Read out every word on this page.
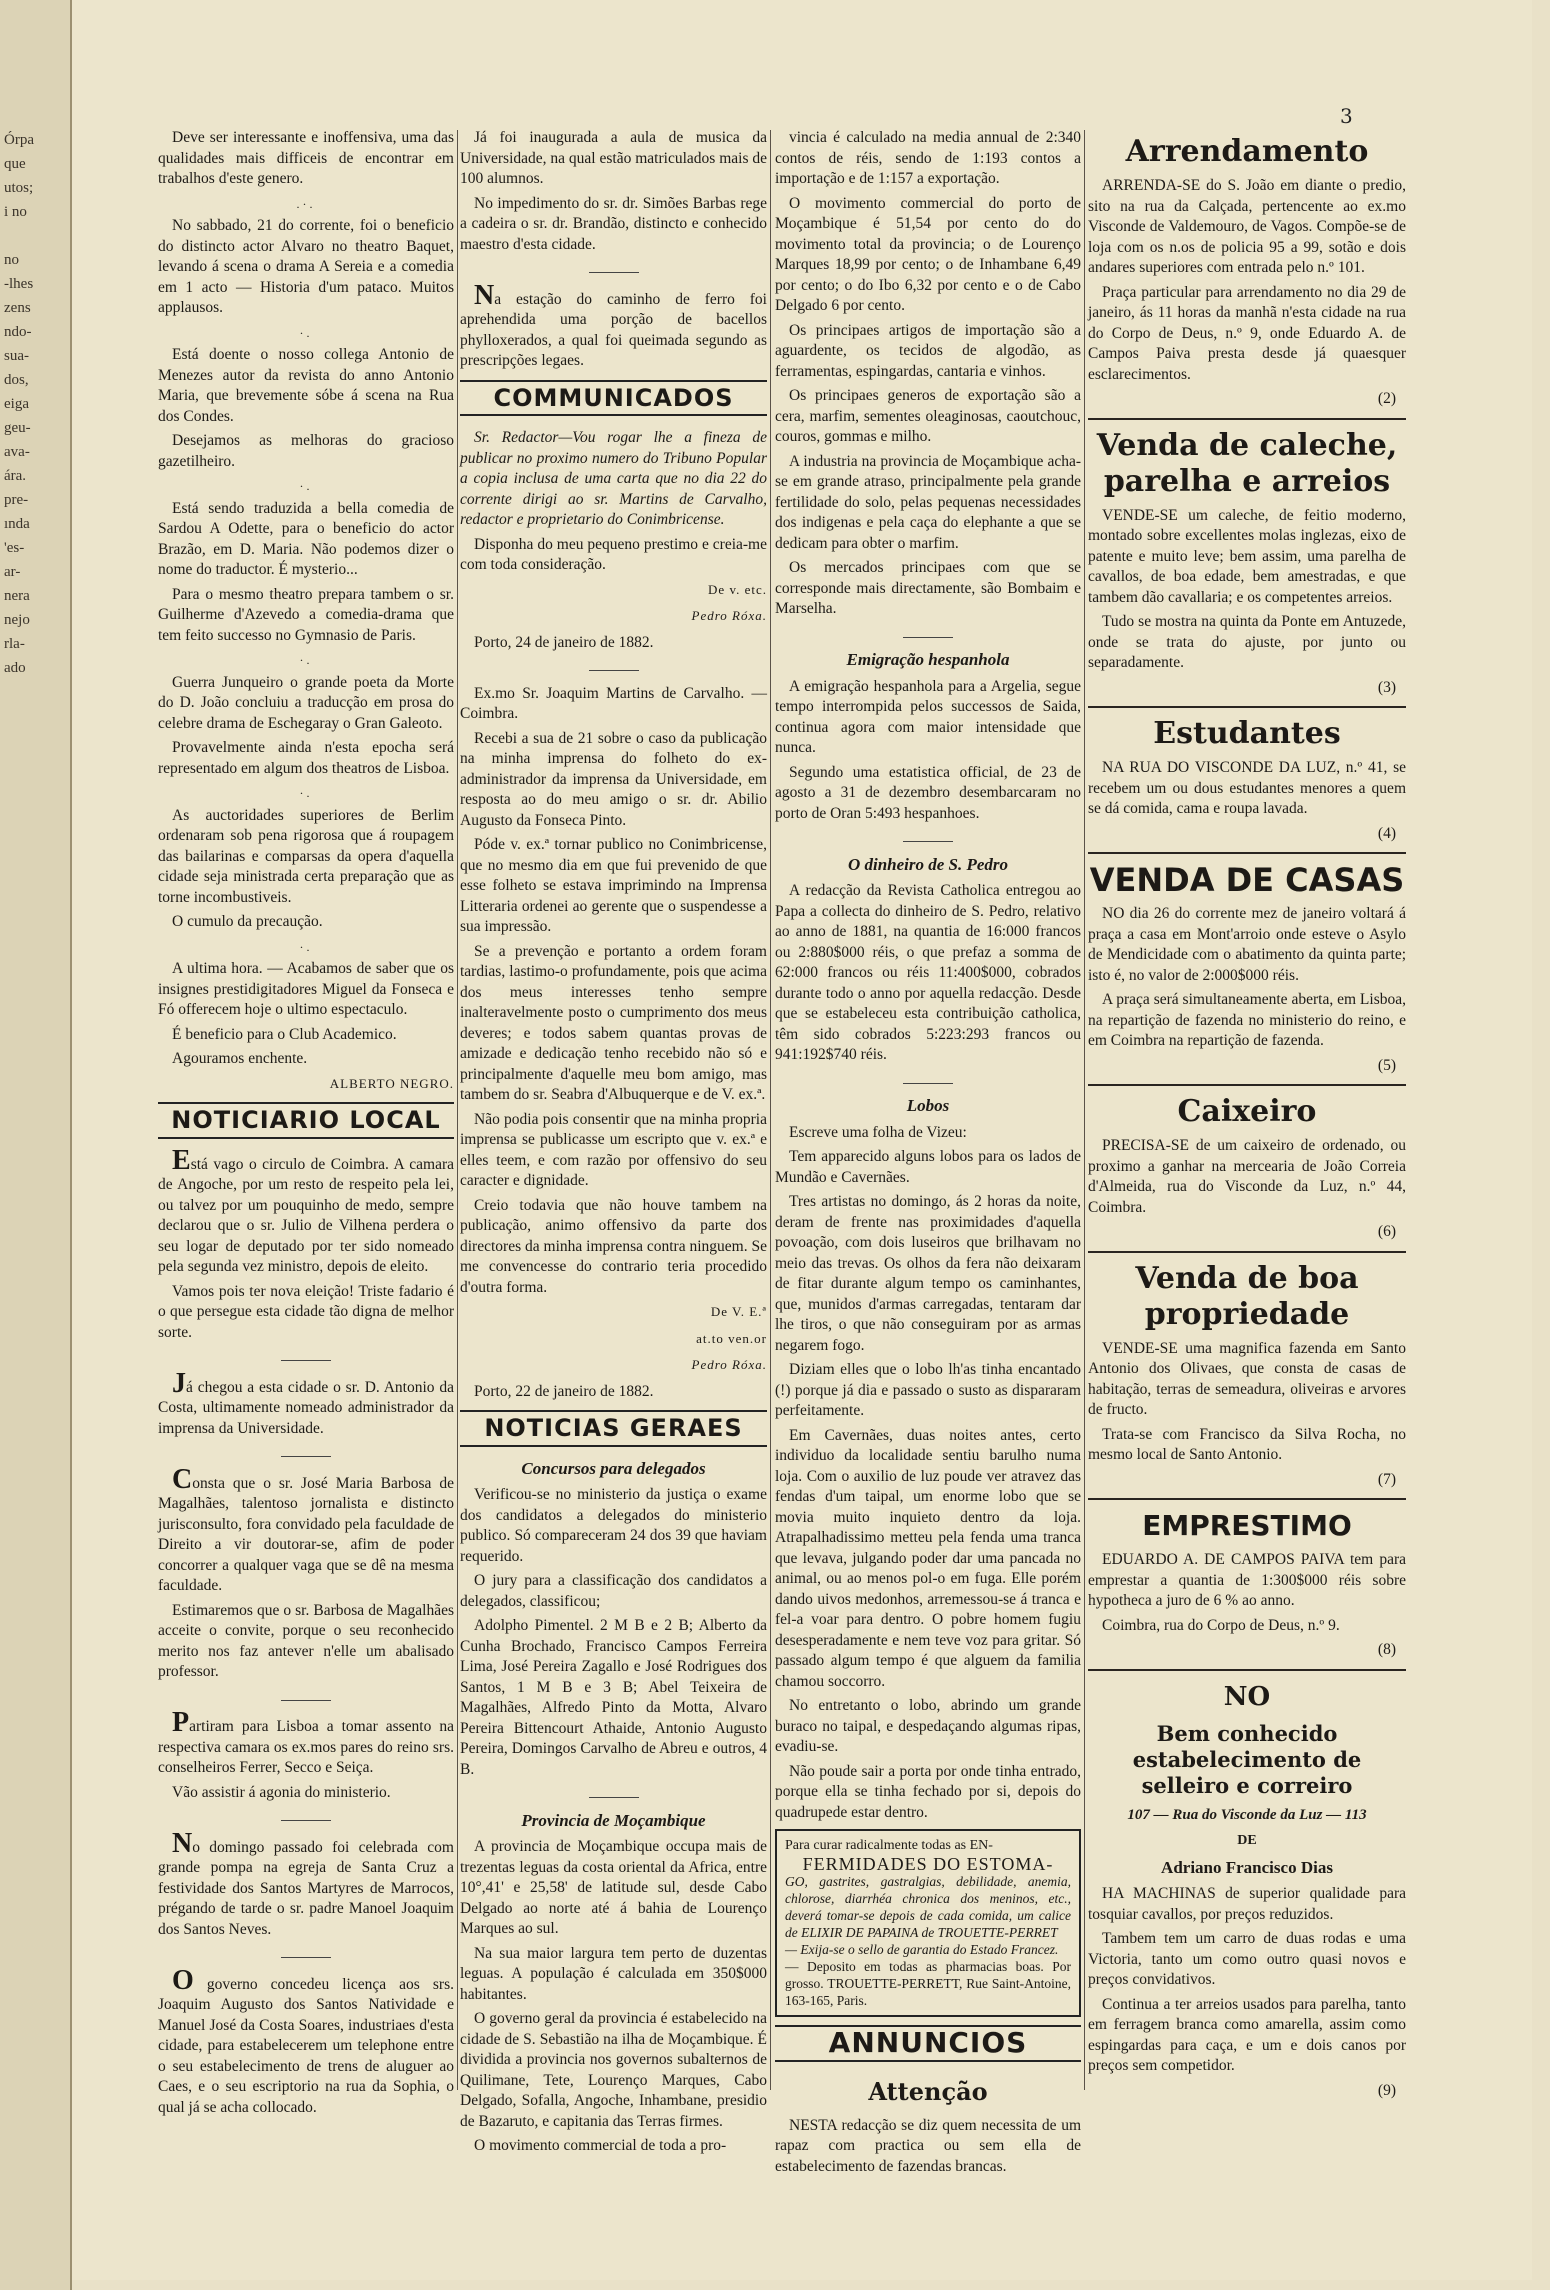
Órpa
que
utos;
i no

no
-lhes
zens
ndo-
sua-
dos,
eiga
geu-
ava-
ára.
pre-
ında
'es-
ar-
nera
nejo
rla-
ado
3

Deve ser interessante e inoffensiva, uma das qualidades mais difficeis de encontrar em trabalhos d'este genero.

.·.

No sabbado, 21 do corrente, foi o beneficio do distincto actor Alvaro no theatro Baquet, levando á scena o drama A Sereia e a comedia em 1 acto — Historia d'um pataco. Muitos applausos.

·.

Está doente o nosso collega Antonio de Menezes autor da revista do anno Antonio Maria, que brevemente sóbe á scena na Rua dos Condes.

Desejamos as melhoras do gracioso gazetilheiro.

·.

Está sendo traduzida a bella comedia de Sardou A Odette, para o beneficio do actor Brazão, em D. Maria. Não podemos dizer o nome do traductor. É mysterio...

Para o mesmo theatro prepara tambem o sr. Guilherme d'Azevedo a comedia-drama que tem feito successo no Gymnasio de Paris.

·.

Guerra Junqueiro o grande poeta da Morte do D. João concluiu a traducção em prosa do celebre drama de Eschegaray o Gran Galeoto.

Provavelmente ainda n'esta epocha será representado em algum dos theatros de Lisboa.

·.

As auctoridades superiores de Berlim ordenaram sob pena rigorosa que á roupagem das bailarinas e comparsas da opera d'aquella cidade seja ministrada certa preparação que as torne incombustiveis.

O cumulo da precaução.

·.

A ultima hora. — Acabamos de saber que os insignes prestidigitadores Miguel da Fonseca e Fó offerecem hoje o ultimo espectaculo.

É beneficio para o Club Academico.

Agouramos enchente.

ALBERTO NEGRO.
NOTICIARIO LOCAL

Está vago o circulo de Coimbra. A camara de Angoche, por um resto de respeito pela lei, ou talvez por um pouquinho de medo, sempre declarou que o sr. Julio de Vilhena perdera o seu logar de deputado por ter sido nomeado pela segunda vez ministro, depois de eleito.

Vamos pois ter nova eleição! Triste fadario é o que persegue esta cidade tão digna de melhor sorte.

Já chegou a esta cidade o sr. D. Antonio da Costa, ultimamente nomeado administrador da imprensa da Universidade.

Consta que o sr. José Maria Barbosa de Magalhães, talentoso jornalista e distincto jurisconsulto, fora convidado pela faculdade de Direito a vir doutorar-se, afim de poder concorrer a qualquer vaga que se dê na mesma faculdade.

Estimaremos que o sr. Barbosa de Magalhães acceite o convite, porque o seu reconhecido merito nos faz antever n'elle um abalisado professor.

Partiram para Lisboa a tomar assento na respectiva camara os ex.mos pares do reino srs. conselheiros Ferrer, Secco e Seiça.

Vão assistir á agonia do ministerio.

No domingo passado foi celebrada com grande pompa na egreja de Santa Cruz a festividade dos Santos Martyres de Marrocos, prégando de tarde o sr. padre Manoel Joaquim dos Santos Neves.

O governo concedeu licença aos srs. Joaquim Augusto dos Santos Natividade e Manuel José da Costa Soares, industriaes d'esta cidade, para estabelecerem um telephone entre o seu estabelecimento de trens de aluguer ao Caes, e o seu escriptorio na rua da Sophia, o qual já se acha collocado.

Já foi inaugurada a aula de musica da Universidade, na qual estão matriculados mais de 100 alumnos.

No impedimento do sr. dr. Simões Barbas rege a cadeira o sr. dr. Brandão, distincto e conhecido maestro d'esta cidade.

Na estação do caminho de ferro foi aprehendida uma porção de bacellos phylloxerados, a qual foi queimada segundo as prescripções legaes.

COMMUNICADOS

Sr. Redactor—Vou rogar lhe a fineza de publicar no proximo numero do Tribuno Popular a copia inclusa de uma carta que no dia 22 do corrente dirigi ao sr. Martins de Carvalho, redactor e proprietario do Conimbricense.

Disponha do meu pequeno prestimo e creia-me com toda consideração.

De v. etc.
Pedro Róxa.

Porto, 24 de janeiro de 1882.

Ex.mo Sr. Joaquim Martins de Carvalho. —Coimbra.

Recebi a sua de 21 sobre o caso da publicação na minha imprensa do folheto do ex-administrador da imprensa da Universidade, em resposta ao do meu amigo o sr. dr. Abilio Augusto da Fonseca Pinto.

Póde v. ex.ª tornar publico no Conimbricense, que no mesmo dia em que fui prevenido de que esse folheto se estava imprimindo na Imprensa Litteraria ordenei ao gerente que o suspendesse a sua impressão.

Se a prevenção e portanto a ordem foram tardias, lastimo-o profundamente, pois que acima dos meus interesses tenho sempre inalteravelmente posto o cumprimento dos meus deveres; e todos sabem quantas provas de amizade e dedicação tenho recebido não só e principalmente d'aquelle meu bom amigo, mas tambem do sr. Seabra d'Albuquerque e de V. ex.ª.

Não podia pois consentir que na minha propria imprensa se publicasse um escripto que v. ex.ª e elles teem, e com razão por offensivo do seu caracter e dignidade.

Creio todavia que não houve tambem na publicação, animo offensivo da parte dos directores da minha imprensa contra ninguem. Se me convencesse do contrario teria procedido d'outra forma.

De V. E.ª
at.to ven.or
Pedro Róxa.

Porto, 22 de janeiro de 1882.

NOTICIAS GERAES
Concursos para delegados

Verificou-se no ministerio da justiça o exame dos candidatos a delegados do ministerio publico. Só compareceram 24 dos 39 que haviam requerido.

O jury para a classificação dos candidatos a delegados, classificou;

Adolpho Pimentel. 2 M B e 2 B; Alberto da Cunha Brochado, Francisco Campos Ferreira Lima, José Pereira Zagallo e José Rodrigues dos Santos, 1 M B e 3 B; Abel Teixeira de Magalhães, Alfredo Pinto da Motta, Alvaro Pereira Bittencourt Athaide, Antonio Augusto Pereira, Domingos Carvalho de Abreu e outros, 4 B.

Provincia de Moçambique

A provincia de Moçambique occupa mais de trezentas leguas da costa oriental da Africa, entre 10°,41' e 25,58' de latitude sul, desde Cabo Delgado ao norte até á bahia de Lourenço Marques ao sul.

Na sua maior largura tem perto de duzentas leguas. A população é calculada em 350$000 habitantes.

O governo geral da provincia é estabelecido na cidade de S. Sebastião na ilha de Moçambique. É dividida a provincia nos governos subalternos de Quilimane, Tete, Lourenço Marques, Cabo Delgado, Sofalla, Angoche, Inhambane, presidio de Bazaruto, e capitania das Terras firmes.

O movimento commercial de toda a pro-

vincia é calculado na media annual de 2:340 contos de réis, sendo de 1:193 contos a importação e de 1:157 a exportação.

O movimento commercial do porto de Moçambique é 51,54 por cento do do movimento total da provincia; o de Lourenço Marques 18,99 por cento; o de Inhambane 6,49 por cento; o do Ibo 6,32 por cento e o de Cabo Delgado 6 por cento.

Os principaes artigos de importação são a aguardente, os tecidos de algodão, as ferramentas, espingardas, cantaria e vinhos.

Os principaes generos de exportação são a cera, marfim, sementes oleaginosas, caoutchouc, couros, gommas e milho.

A industria na provincia de Moçambique acha-se em grande atraso, principalmente pela grande fertilidade do solo, pelas pequenas necessidades dos indigenas e pela caça do elephante a que se dedicam para obter o marfim.

Os mercados principaes com que se corresponde mais directamente, são Bombaim e Marselha.

Emigração hespanhola

A emigração hespanhola para a Argelia, segue tempo interrompida pelos successos de Saida, continua agora com maior intensidade que nunca.

Segundo uma estatistica official, de 23 de agosto a 31 de dezembro desembarcaram no porto de Oran 5:493 hespanhoes.

O dinheiro de S. Pedro

A redacção da Revista Catholica entregou ao Papa a collecta do dinheiro de S. Pedro, relativo ao anno de 1881, na quantia de 16:000 francos ou 2:880$000 réis, o que prefaz a somma de 62:000 francos ou réis 11:400$000, cobrados durante todo o anno por aquella redacção. Desde que se estabeleceu esta contribuição catholica, têm sido cobrados 5:223:293 francos ou 941:192$740 réis.

Lobos

Escreve uma folha de Vizeu:

Tem apparecido alguns lobos para os lados de Mundão e Cavernães.

Tres artistas no domingo, ás 2 horas da noite, deram de frente nas proximidades d'aquella povoação, com dois luseiros que brilhavam no meio das trevas. Os olhos da fera não deixaram de fitar durante algum tempo os caminhantes, que, munidos d'armas carregadas, tentaram dar lhe tiros, o que não conseguiram por as armas negarem fogo.

Diziam elles que o lobo lh'as tinha encantado (!) porque já dia e passado o susto as dispararam perfeitamente.

Em Cavernães, duas noites antes, certo individuo da localidade sentiu barulho numa loja. Com o auxilio de luz poude ver atravez das fendas d'um taipal, um enorme lobo que se movia muito inquieto dentro da loja. Atrapalhadissimo metteu pela fenda uma tranca que levava, julgando poder dar uma pancada no animal, ou ao menos pol-o em fuga. Elle porém dando uivos medonhos, arremessou-se á tranca e fel-a voar para dentro. O pobre homem fugiu desesperadamente e nem teve voz para gritar. Só passado algum tempo é que alguem da familia chamou soccorro.

No entretanto o lobo, abrindo um grande buraco no taipal, e despedaçando algumas ripas, evadiu-se.

Não poude sair a porta por onde tinha entrado, porque ella se tinha fechado por si, depois do quadrupede estar dentro.

Para curar radicalmente todas as EN-
FERMIDADES DO ESTOMA-
GO, gastrites, gastralgias, debilidade, anemia, chlorose, diarrhéa chronica dos meninos, etc., deverá tomar-se depois de cada comida, um calice de ELIXIR DE PAPAINA de TROUETTE-PERRET
— Exija-se o sello de garantia do Estado Francez.
— Deposito em todas as pharmacias boas. Por grosso. TROUETTE-PERRETT, Rue Saint-Antoine, 163-165, Paris.
ANNUNCIOS
Attenção

NESTA redacção se diz quem necessita de um rapaz com practica ou sem ella de estabelecimento de fazendas brancas.

Arrendamento

ARRENDA-SE do S. João em diante o predio, sito na rua da Calçada, pertencente ao ex.mo Visconde de Valdemouro, de Vagos. Compõe-se de loja com os n.os de policia 95 a 99, sotão e dois andares superiores com entrada pelo n.º 101.

Praça particular para arrendamento no dia 29 de janeiro, ás 11 horas da manhã n'esta cidade na rua do Corpo de Deus, n.º 9, onde Eduardo A. de Campos Paiva presta desde já quaesquer esclarecimentos.

(2)
Venda de caleche, parelha e arreios

VENDE-SE um caleche, de feitio moderno, montado sobre excellentes molas inglezas, eixo de patente e muito leve; bem assim, uma parelha de cavallos, de boa edade, bem amestradas, e que tambem dão cavallaria; e os competentes arreios.

Tudo se mostra na quinta da Ponte em Antuzede, onde se trata do ajuste, por junto ou separadamente.

(3)
Estudantes

NA RUA DO VISCONDE DA LUZ, n.º 41, se recebem um ou dous estudantes menores a quem se dá comida, cama e roupa lavada.

(4)
VENDA DE CASAS

NO dia 26 do corrente mez de janeiro voltará á praça a casa em Mont'arroio onde esteve o Asylo de Mendicidade com o abatimento da quinta parte; isto é, no valor de 2:000$000 réis.

A praça será simultaneamente aberta, em Lisboa, na repartição de fazenda no ministerio do reino, e em Coimbra na repartição de fazenda.

(5)
Caixeiro

PRECISA-SE de um caixeiro de ordenado, ou proximo a ganhar na mercearia de João Correia d'Almeida, rua do Visconde da Luz, n.º 44, Coimbra.

(6)
Venda de boa propriedade

VENDE-SE uma magnifica fazenda em Santo Antonio dos Olivaes, que consta de casas de habitação, terras de semeadura, oliveiras e arvores de fructo.

Trata-se com Francisco da Silva Rocha, no mesmo local de Santo Antonio.

(7)
EMPRESTIMO

EDUARDO A. DE CAMPOS PAIVA tem para emprestar a quantia de 1:300$000 réis sobre hypotheca a juro de 6 % ao anno.

Coimbra, rua do Corpo de Deus, n.º 9.

(8)
NO
Bem conhecido estabelecimento de selleiro e correiro
107 — Rua do Visconde da Luz — 113
DE
Adriano Francisco Dias

HA MACHINAS de superior qualidade para tosquiar cavallos, por preços reduzidos.

Tambem tem um carro de duas rodas e uma Victoria, tanto um como outro quasi novos e preços convidativos.

Continua a ter arreios usados para parelha, tanto em ferragem branca como amarella, assim como espingardas para caça, e um e dois canos por preços sem competidor.

(9)
